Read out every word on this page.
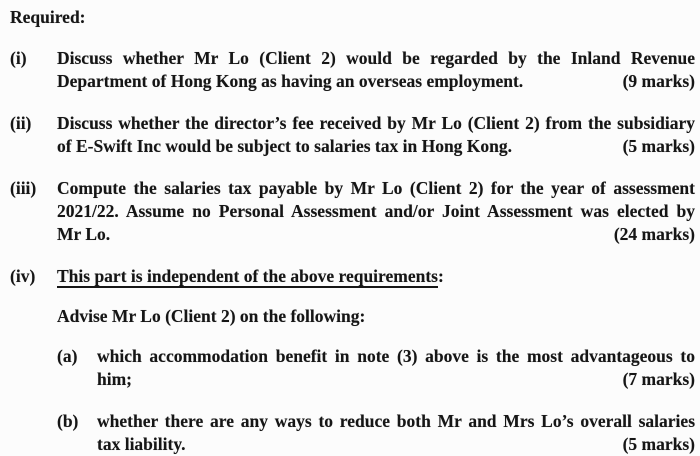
Required:
(i)	Discuss whether Mr Lo (Client 2) would be regarded by the Inland Revenue
Department of Hong Kong as having an overseas employment.	(9 marks)
(ii)	Discuss whether the director’s fee received by Mr Lo (Client 2) from the subsidiary
of E-Swift Inc would be subject to salaries tax in Hong Kong.	(5 marks)
(iii)	Compute the salaries tax payable by Mr Lo (Client 2) for the year of assessment
2021/22. Assume no Personal Assessment and/or Joint Assessment was elected by
Mr Lo.	(24 marks)
(iv)	This part is independent of the above requirements:
Advise Mr Lo (Client 2) on the following:
(a)	which accommodation benefit in note (3) above is the most advantageous to
him;	(7 marks)
(b)	whether there are any ways to reduce both Mr and Mrs Lo’s overall salaries
tax liability.	(5 marks)
